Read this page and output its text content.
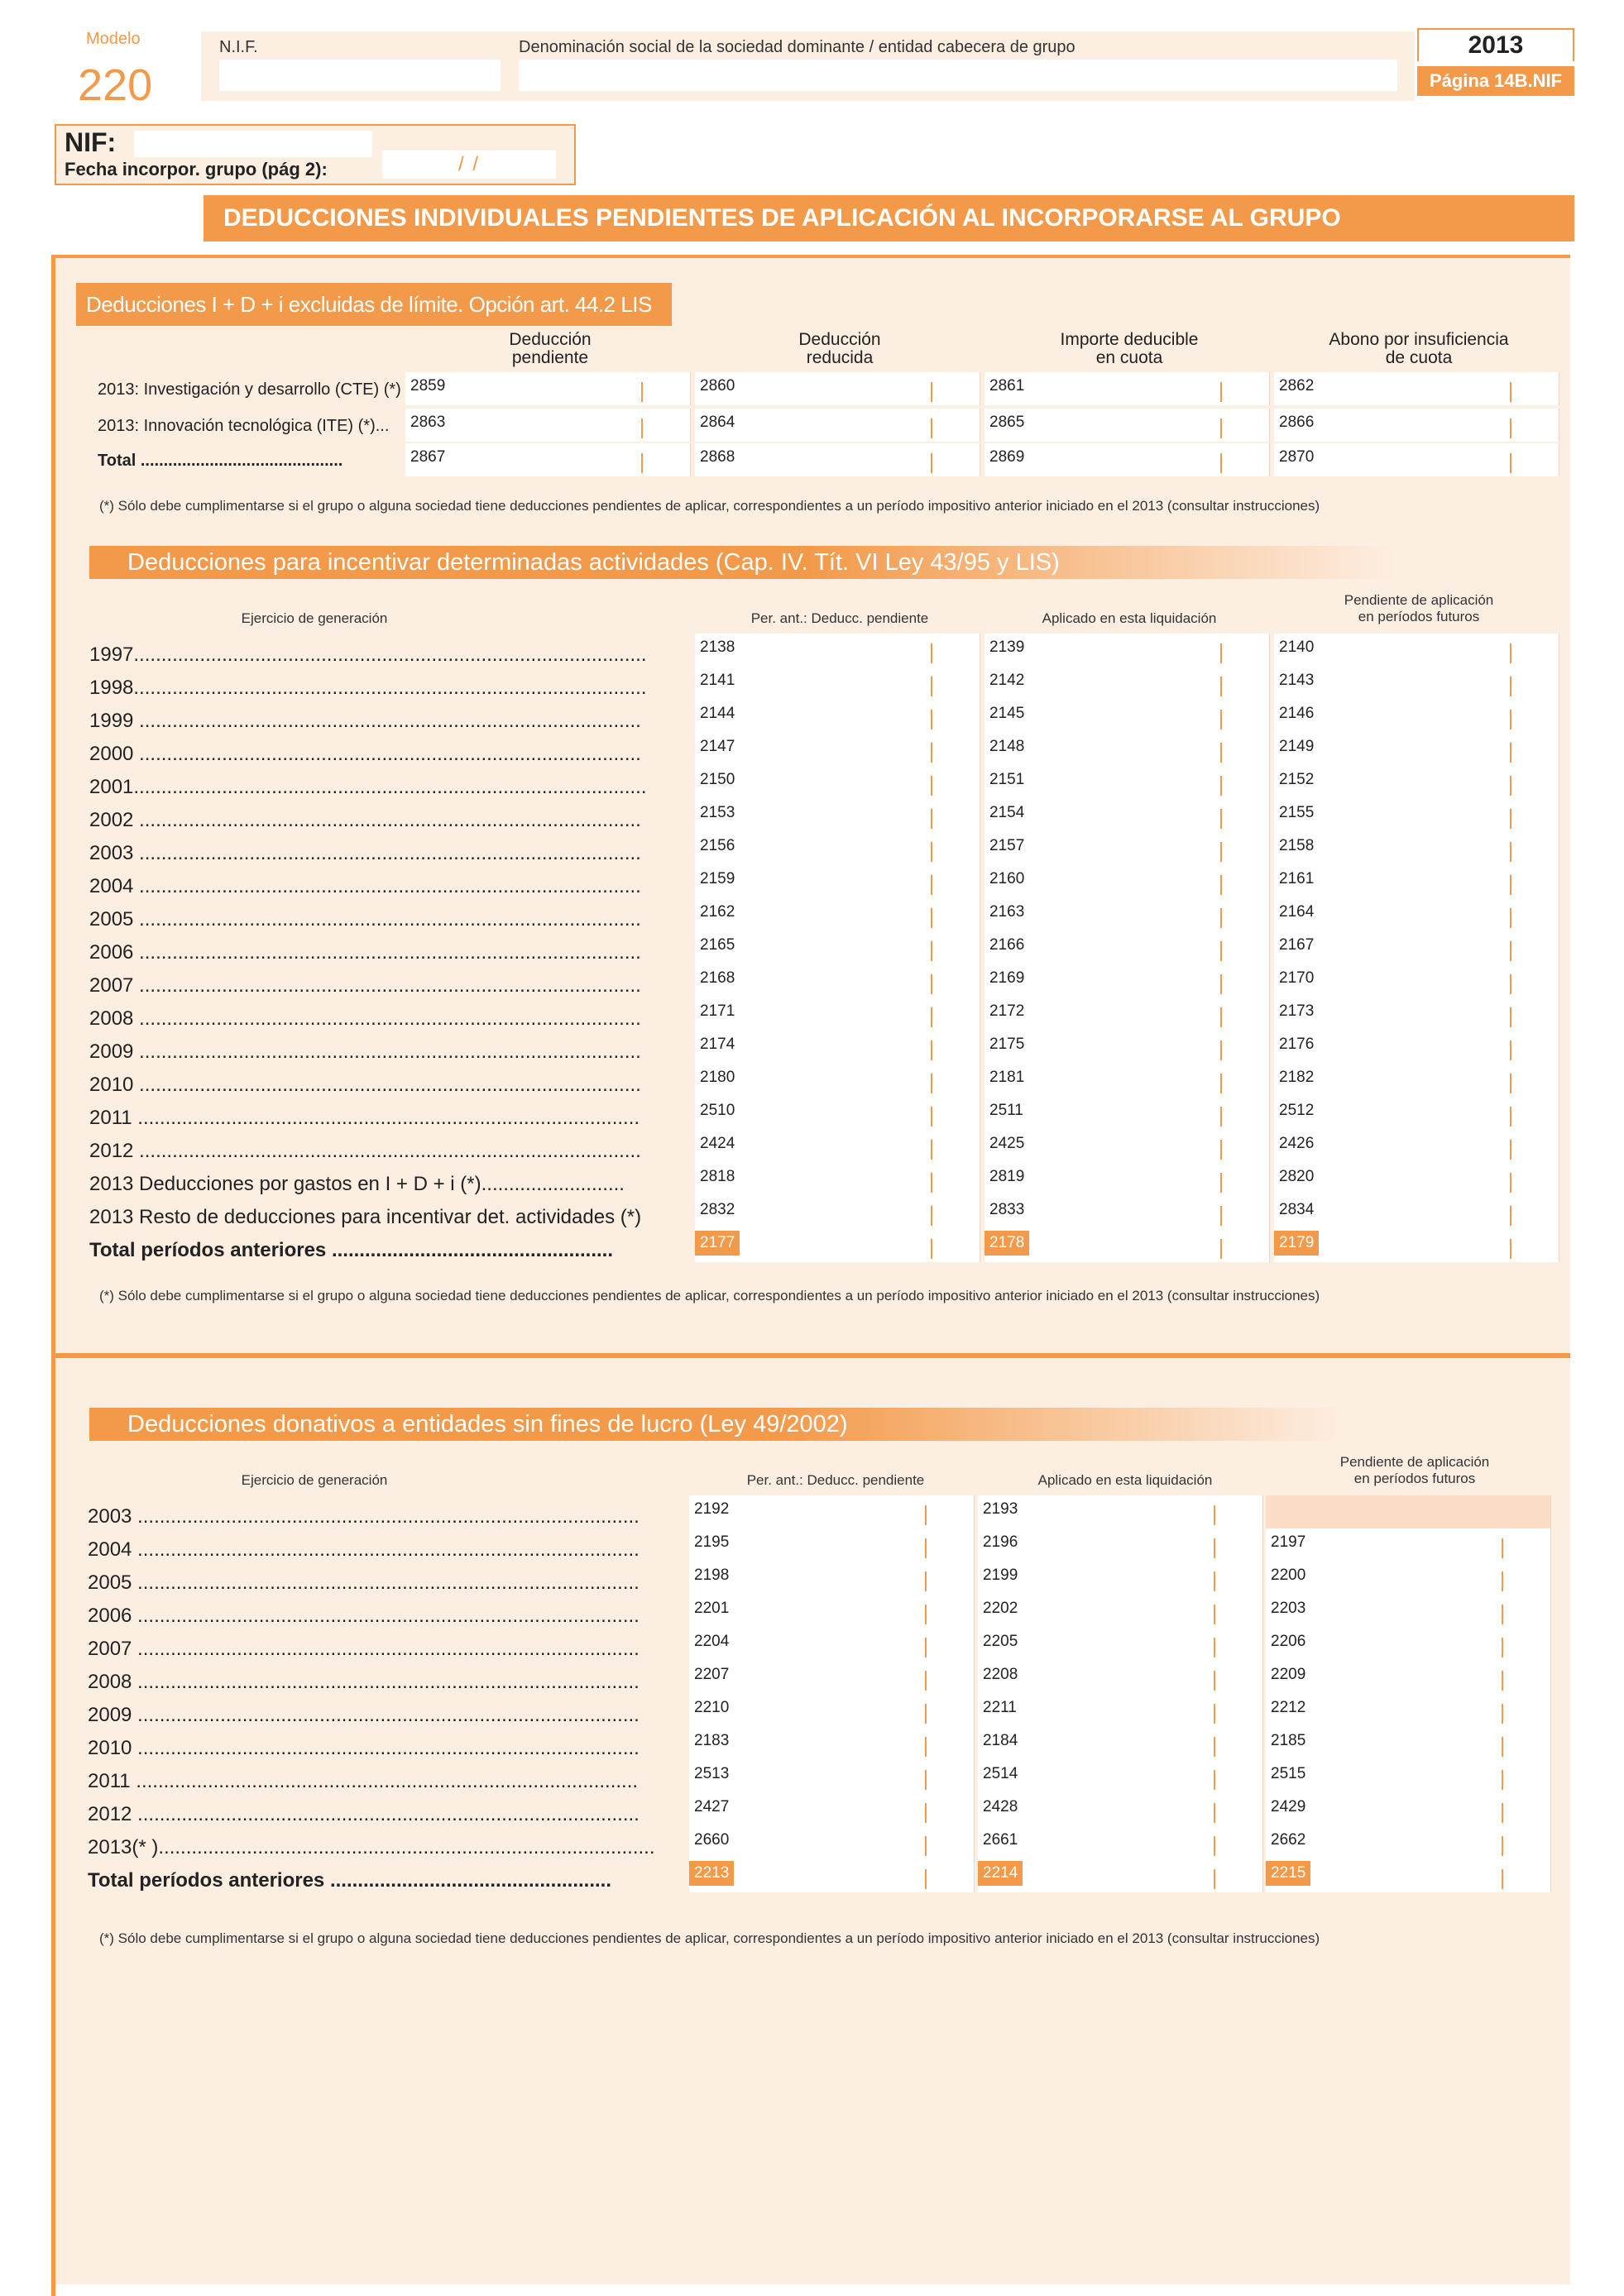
Modelo
220
N.I.F.	Denominación social de la sociedad dominante / entidad cabecera de grupo	2013
Página 14B.NIF
NIF:
Fecha incorpor. grupo (pág 2):	/ /
DEDUCCIONES INDIVIDUALES PENDIENTES DE APLICACIÓN AL INCORPORARSE AL GRUPO
Deducciones I + D + i excluidas de límite. Opción art. 44.2 LIS
Deducción
pendiente
Deducción
reducida
Importe deducible
en cuota
Abono por insuficiencia
de cuota
2013: Investigación y desarrollo (CTE) (*) 2859	2860	2861	2862
2013: Innovación tecnológica (ITE) (*)... 2863	2864	2865	2866
Total ............................................	2867	2868	2869	2870
(*) Sólo debe cumplimentarse si el grupo o alguna sociedad tiene deducciones pendientes de aplicar, correspondientes a un período impositivo anterior iniciado en el 2013 (consultar instrucciones)
Deducciones para incentivar determinadas actividades (Cap. IV. Tít. VI Ley 43/95 y LIS)
Ejercicio de generación	Per. ant.: Deducc. pendiente	Aplicado en esta liquidación
Pendiente de aplicación
en períodos futuros
1997.............................................................................................	2138	2139	2140
1998.............................................................................................	2141	2142	2143
1999 ...........................................................................................	2144	2145	2146
2000 ...........................................................................................	2147	2148	2149
2001.............................................................................................	2150	2151	2152
2002 ...........................................................................................	2153	2154	2155
2003 ...........................................................................................	2156	2157	2158
2004 ...........................................................................................	2159	2160	2161
2005 ...........................................................................................	2162	2163	2164
2006 ...........................................................................................	2165	2166	2167
2007 ...........................................................................................	2168	2169	2170
2008 ...........................................................................................	2171	2172	2173
2009 ...........................................................................................	2174	2175	2176
2010 ...........................................................................................	2180	2181	2182
2011 ...........................................................................................	2510	2511	2512
2012 ...........................................................................................	2424	2425	2426
2013 Deducciones por gastos en I + D + i (*)..........................	2818	2819	2820
2013 Resto de deducciones para incentivar det. actividades (*)	2832	2833	2834
Total períodos anteriores ...................................................	2177	2178	2179
(*) Sólo debe cumplimentarse si el grupo o alguna sociedad tiene deducciones pendientes de aplicar, correspondientes a un período impositivo anterior iniciado en el 2013 (consultar instrucciones)
Deducciones donativos a entidades sin fines de lucro (Ley 49/2002)
Ejercicio de generación	Per. ant.: Deducc. pendiente	Aplicado en esta liquidación
Pendiente de aplicación
en períodos futuros
2003 ...........................................................................................	2192	2193
2004 ...........................................................................................	2195	2196	2197
2005 ...........................................................................................	2198	2199	2200
2006 ...........................................................................................	2201	2202	2203
2007 ...........................................................................................	2204	2205	2206
2008 ...........................................................................................	2207	2208	2209
2009 ...........................................................................................	2210	2211	2212
2010 ...........................................................................................	2183	2184	2185
2011 ...........................................................................................	2513	2514	2515
2012 ...........................................................................................	2427	2428	2429
2013(* )..........................................................................................	2660	2661	2662
Total períodos anteriores ...................................................	2213	2214	2215
(*) Sólo debe cumplimentarse si el grupo o alguna sociedad tiene deducciones pendientes de aplicar, correspondientes a un período impositivo anterior iniciado en el 2013 (consultar instrucciones)
